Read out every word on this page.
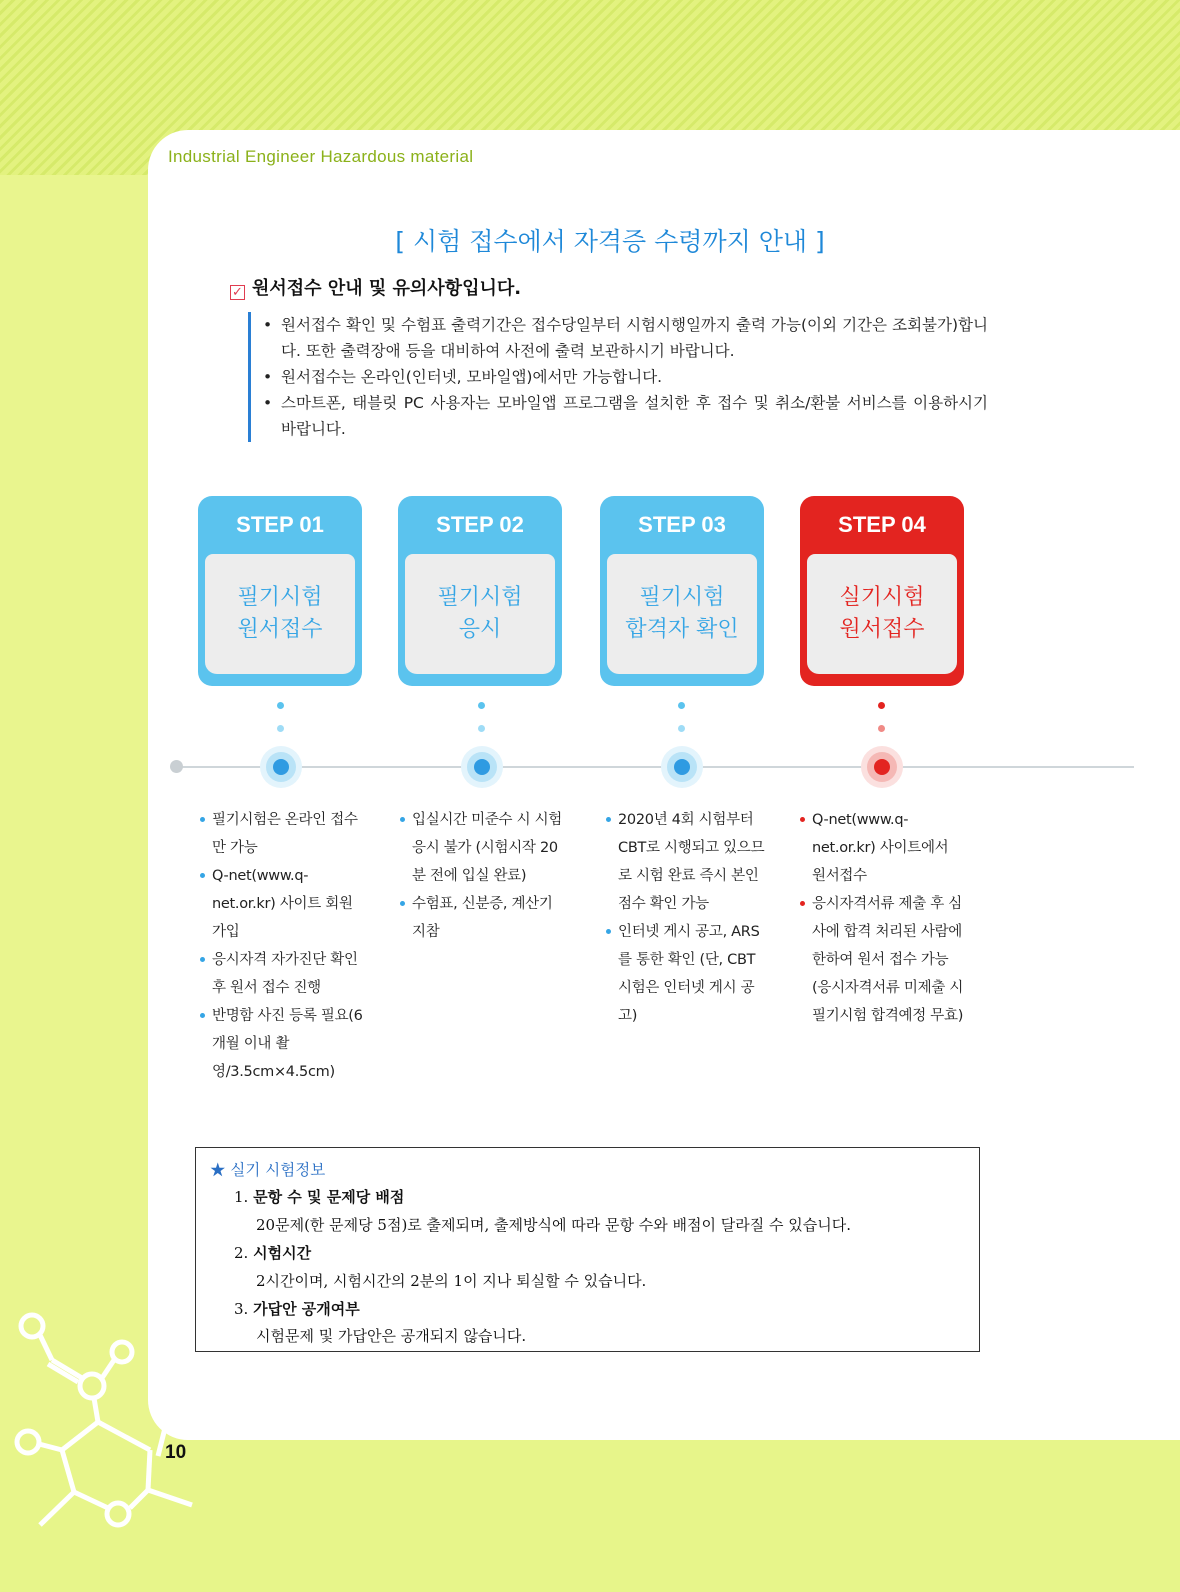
Industrial Engineer Hazardous material
[ 시험 접수에서 자격증 수령까지 안내 ]
✓ 원서접수 안내 및 유의사항입니다.
• 원서접수 확인 및 수험표 출력기간은 접수당일부터 시험시행일까지 출력 가능(이외 기간은 조회불가)합니다. 또한 출력장애 등을 대비하여 사전에 출력 보관하시기 바랍니다.
• 원서접수는 온라인(인터넷, 모바일앱)에서만 가능합니다.
• 스마트폰, 태블릿 PC 사용자는 모바일앱 프로그램을 설치한 후 접수 및 취소/환불 서비스를 이용하시기 바랍니다.
STEP 01
필기시험
원서접수
STEP 02
필기시험
응시
STEP 03
필기시험
합격자 확인
STEP 04
실기시험
원서접수
필기시험은 온라인 접수만 가능
Q-net(www.q-net.or.kr) 사이트 회원 가입
응시자격 자가진단 확인 후 원서 접수 진행
반명함 사진 등록 필요(6개월 이내 촬영/3.5cm×4.5cm)
입실시간 미준수 시 시험 응시 불가 (시험시작 20분 전에 입실 완료)
수험표, 신분증, 계산기 지참
2020년 4회 시험부터 CBT로 시행되고 있으므로 시험 완료 즉시 본인 점수 확인 가능
인터넷 게시 공고, ARS를 통한 확인 (단, CBT 시험은 인터넷 게시 공고)
Q-net(www.q-net.or.kr) 사이트에서 원서접수
응시자격서류 제출 후 심사에 합격 처리된 사람에 한하여 원서 접수 가능 (응시자격서류 미제출 시 필기시험 합격예정 무효)
★ 실기 시험정보
1. 문항 수 및 문제당 배점
20문제(한 문제당 5점)로 출제되며, 출제방식에 따라 문항 수와 배점이 달라질 수 있습니다.
2. 시험시간
2시간이며, 시험시간의 2분의 1이 지나 퇴실할 수 있습니다.
3. 가답안 공개여부
시험문제 및 가답안은 공개되지 않습니다.
10
